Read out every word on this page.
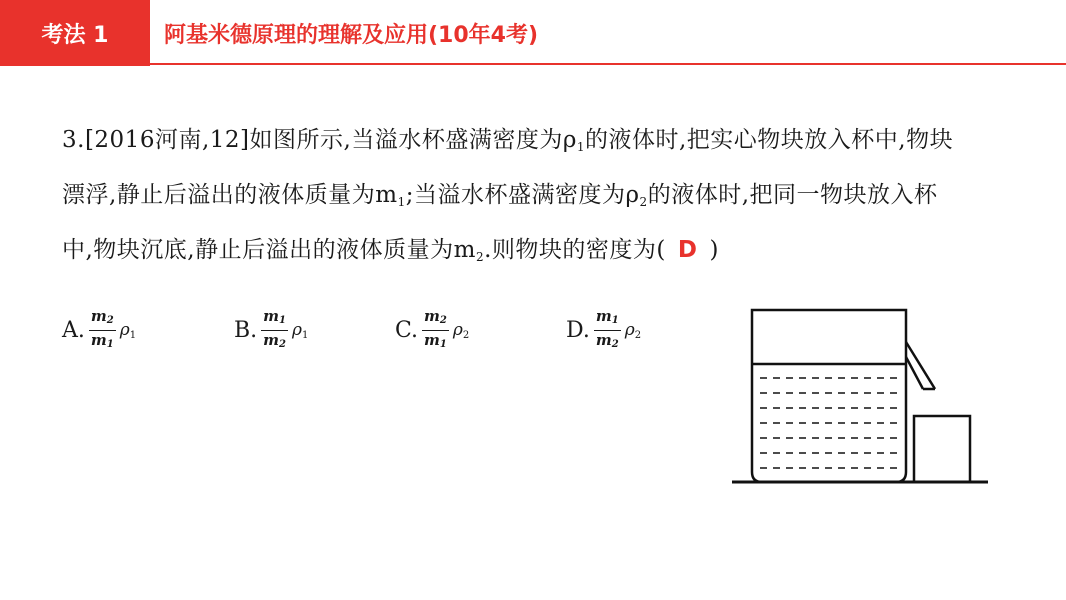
考法 1	阿基米德原理的理解及应用(10年4考)
3.[2016河南,12]如图所示,当溢水杯盛满密度为$\rho_1$的液体时,把实心物块放入杯中,物块漂浮,静止后溢出的液体质量为$m_1$;当溢水杯盛满密度为$\rho_2$的液体时,把同一物块放入杯中,物块沉底,静止后溢出的液体质量为$m_2$.则物块的密度为( D )
A. $\frac{m_2}{m_1} \rho_1$	B. $\frac{m_1}{m_2} \rho_1$	C. $\frac{m_2}{m_1} \rho_2$	D. $\frac{m_1}{m_2} \rho_2$
